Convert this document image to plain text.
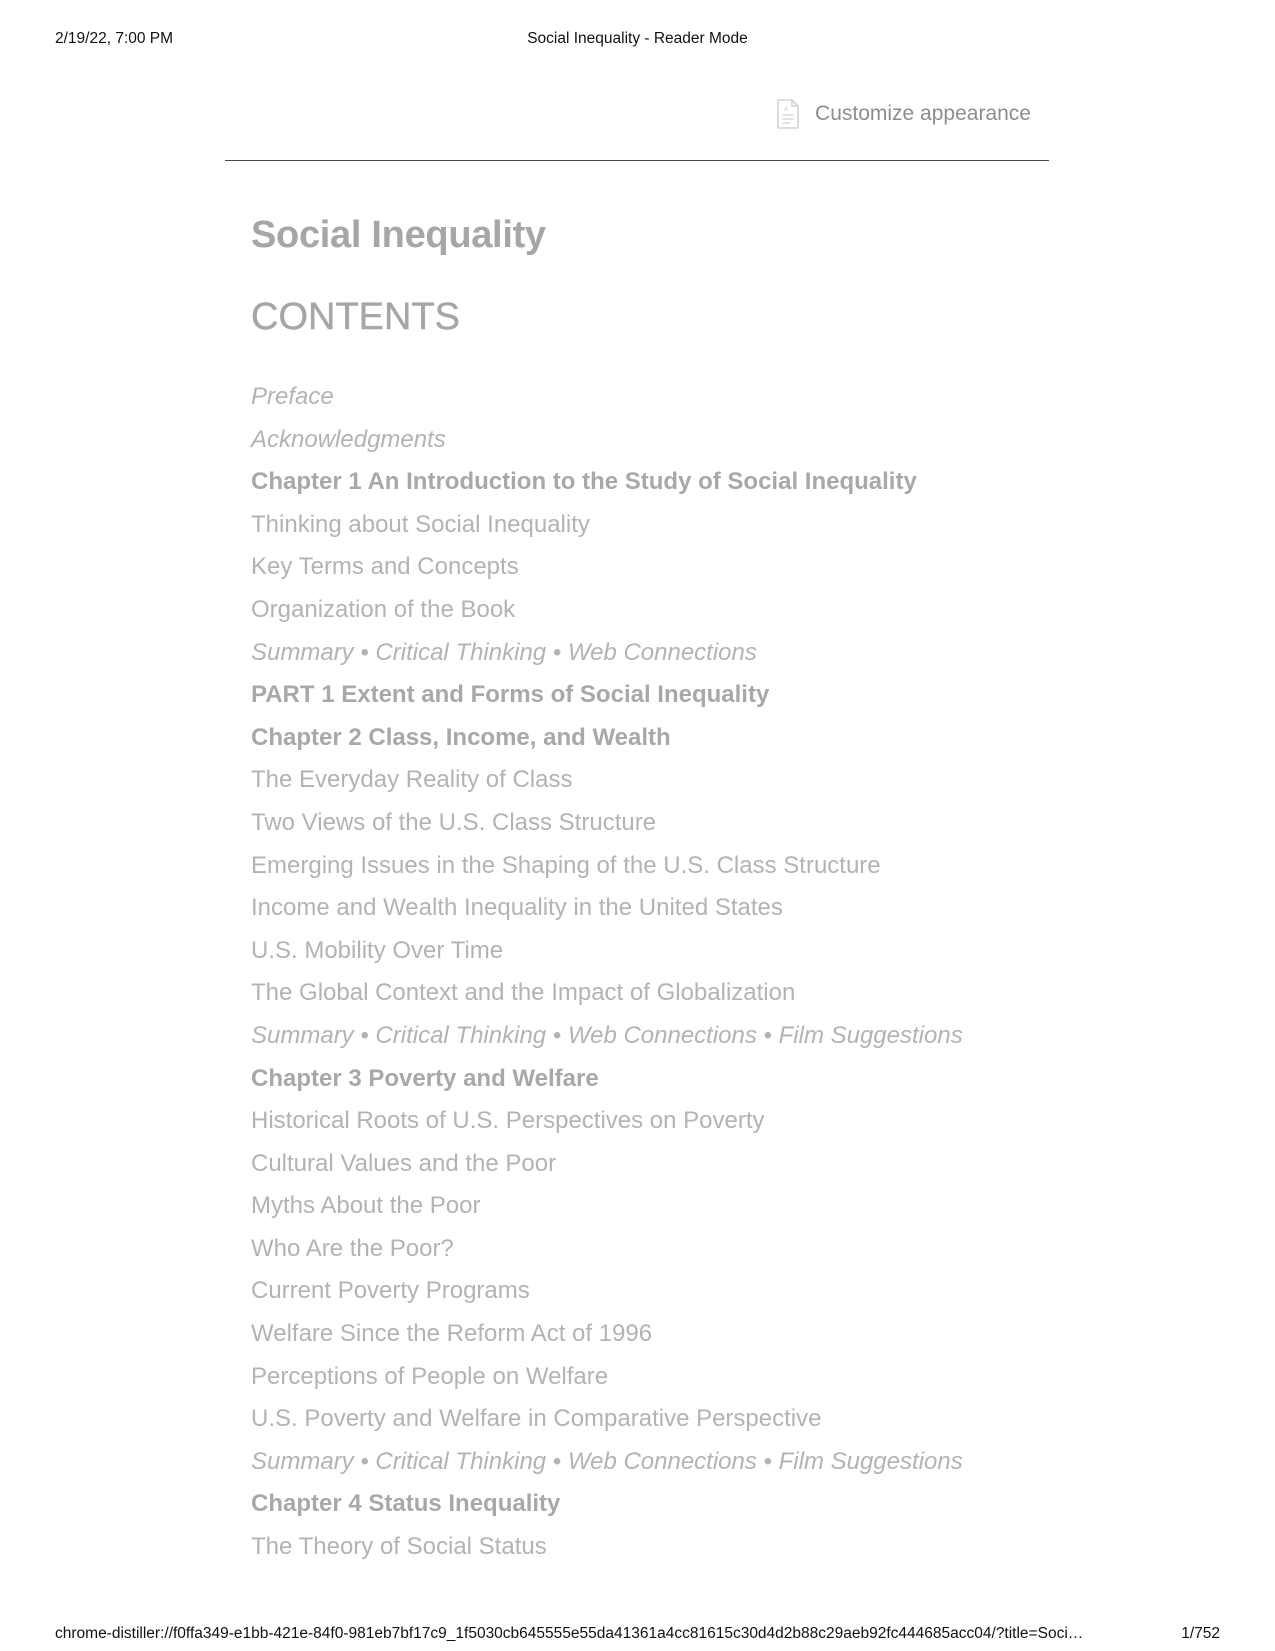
2/19/22, 7:00 PM	Social Inequality - Reader Mode
A Customize appearance
Social Inequality
CONTENTS
Preface
Acknowledgments
Chapter 1 An Introduction to the Study of Social Inequality
Thinking about Social Inequality
Key Terms and Concepts
Organization of the Book
Summary • Critical Thinking • Web Connections
PART 1 Extent and Forms of Social Inequality
Chapter 2 Class, Income, and Wealth
The Everyday Reality of Class
Two Views of the U.S. Class Structure
Emerging Issues in the Shaping of the U.S. Class Structure
Income and Wealth Inequality in the United States
U.S. Mobility Over Time
The Global Context and the Impact of Globalization
Summary • Critical Thinking • Web Connections • Film Suggestions
Chapter 3 Poverty and Welfare
Historical Roots of U.S. Perspectives on Poverty
Cultural Values and the Poor
Myths About the Poor
Who Are the Poor?
Current Poverty Programs
Welfare Since the Reform Act of 1996
Perceptions of People on Welfare
U.S. Poverty and Welfare in Comparative Perspective
Summary • Critical Thinking • Web Connections • Film Suggestions
Chapter 4 Status Inequality
The Theory of Social Status
chrome-distiller://f0ffa349-e1bb-421e-84f0-981eb7bf17c9_1f5030cb645555e55da41361a4cc81615c30d4d2b88c29aeb92fc444685acc04/?title=Soci…	1/752
